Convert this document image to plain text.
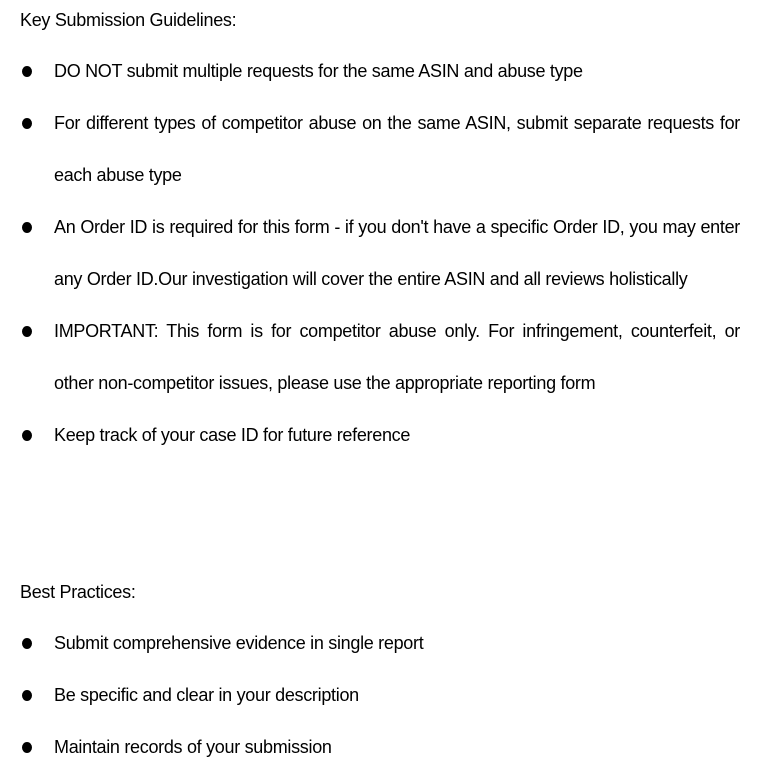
Key Submission Guidelines:
DO NOT submit multiple requests for the same ASIN and abuse type
For different types of competitor abuse on the same ASIN, submit separate requests for each abuse type
An Order ID is required for this form - if you don't have a specific Order ID, you may enter any Order ID.Our investigation will cover the entire ASIN and all reviews holistically
IMPORTANT: This form is for competitor abuse only. For infringement, counterfeit, or other non-competitor issues, please use the appropriate reporting form
Keep track of your case ID for future reference
Best Practices:
Submit comprehensive evidence in single report
Be specific and clear in your description
Maintain records of your submission
